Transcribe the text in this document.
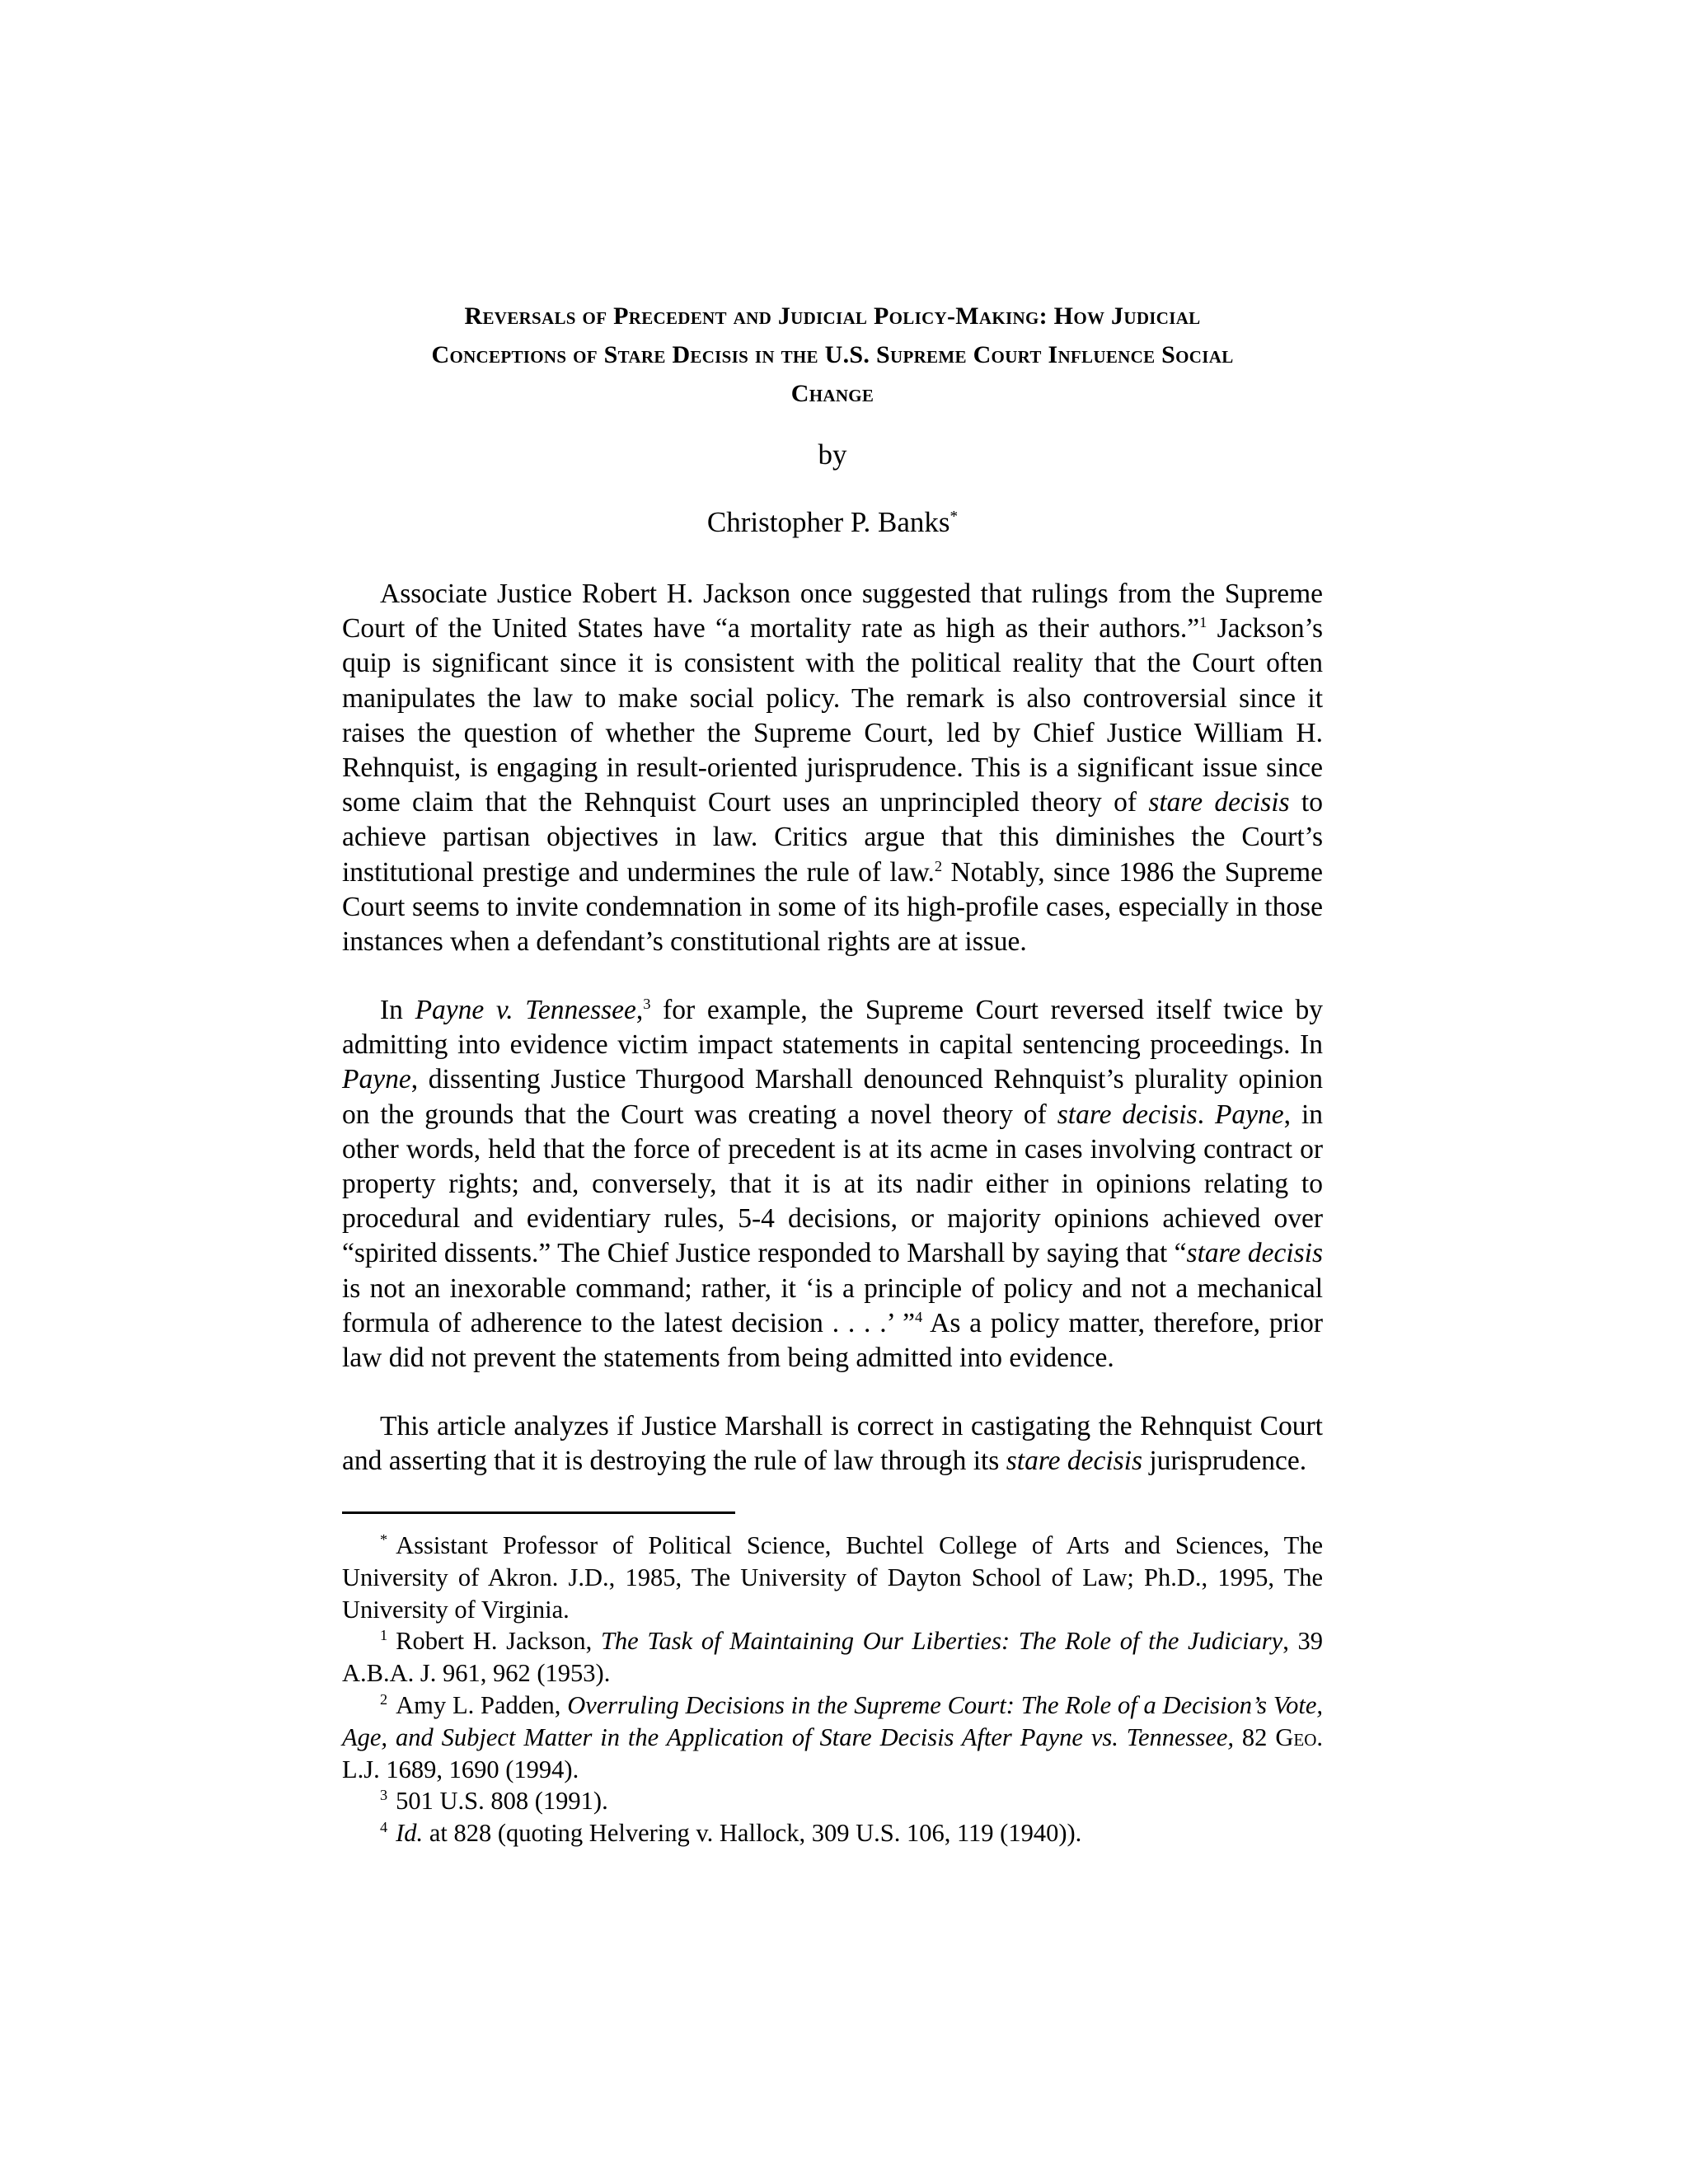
Reversals of Precedent and Judicial Policy-Making: How Judicial
Conceptions of Stare Decisis in the U.S. Supreme Court Influence Social
Change
by
Christopher P. Banks*

Associate Justice Robert H. Jackson once suggested that rulings from the Supreme Court of the United States have “a mortality rate as high as their authors.”$^1$ Jackson’s quip is significant since it is consistent with the political reality that the Court often manipulates the law to make social policy. The remark is also controversial since it raises the question of whether the Supreme Court, led by Chief Justice William H. Rehnquist, is engaging in result-oriented jurisprudence. This is a significant issue since some claim that the Rehnquist Court uses an unprincipled theory of stare decisis to achieve partisan objectives in law. Critics argue that this diminishes the Court’s institutional prestige and undermines the rule of law.$^2$ Notably, since 1986 the Supreme Court seems to invite condemnation in some of its high-profile cases, especially in those instances when a defendant’s constitutional rights are at issue.

In Payne v. Tennessee,$^3$ for example, the Supreme Court reversed itself twice by admitting into evidence victim impact statements in capital sentencing proceedings. In Payne, dissenting Justice Thurgood Marshall denounced Rehnquist’s plurality opinion on the grounds that the Court was creating a novel theory of stare decisis. Payne, in other words, held that the force of precedent is at its acme in cases involving contract or property rights; and, conversely, that it is at its nadir either in opinions relating to procedural and evidentiary rules, 5-4 decisions, or majority opinions achieved over “spirited dissents.” The Chief Justice responded to Marshall by saying that “stare decisis is not an inexorable command; rather, it ‘is a principle of policy and not a mechanical formula of adherence to the latest decision . . . .’ ”$^4$ As a policy matter, therefore, prior law did not prevent the statements from being admitted into evidence.

This article analyzes if Justice Marshall is correct in castigating the Rehnquist Court and asserting that it is destroying the rule of law through its stare decisis jurisprudence.

* Assistant Professor of Political Science, Buchtel College of Arts and Sciences, The University of Akron. J.D., 1985, The University of Dayton School of Law; Ph.D., 1995, The University of Virginia.

$^1$ Robert H. Jackson, The Task of Maintaining Our Liberties: The Role of the Judiciary, 39 A.B.A. J. 961, 962 (1953).

$^2$ Amy L. Padden, Overruling Decisions in the Supreme Court: The Role of a Decision’s Vote, Age, and Subject Matter in the Application of Stare Decisis After Payne vs. Tennessee, 82 Geo. L.J. 1689, 1690 (1994).

$^3$ 501 U.S. 808 (1991).

$^4$ Id. at 828 (quoting Helvering v. Hallock, 309 U.S. 106, 119 (1940)).
